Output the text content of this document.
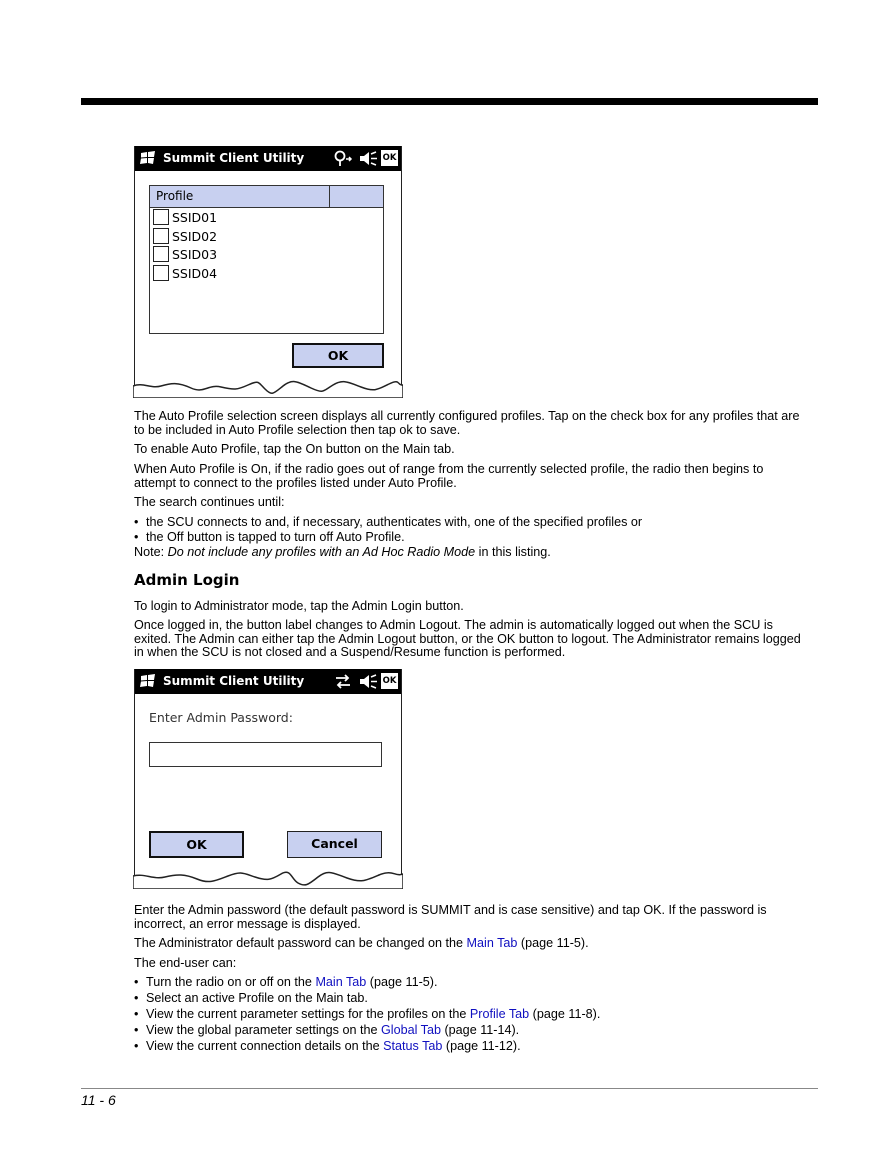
Summit Client Utility	OK
Profile
SSID01
SSID02
SSID03
SSID04
OK

The Auto Profile selection screen displays all currently configured profiles. Tap on the check box for any profiles that are to be included in Auto Profile selection then tap ok to save.

To enable Auto Profile, tap the On button on the Main tab.

When Auto Profile is On, if the radio goes out of range from the currently selected profile, the radio then begins to attempt to connect to the profiles listed under Auto Profile.

The search continues until:

• the SCU connects to and, if necessary, authenticates with, one of the specified profiles or
• the Off button is tapped to turn off Auto Profile.

Note: Do not include any profiles with an Ad Hoc Radio Mode in this listing.

Admin Login

To login to Administrator mode, tap the Admin Login button.

Once logged in, the button label changes to Admin Logout. The admin is automatically logged out when the SCU is exited. The Admin can either tap the Admin Logout button, or the OK button to logout. The Administrator remains logged in when the SCU is not closed and a Suspend/Resume function is performed.

Summit Client Utility	OK
Enter Admin Password:
OK	Cancel

Enter the Admin password (the default password is SUMMIT and is case sensitive) and tap OK. If the password is incorrect, an error message is displayed.

The Administrator default password can be changed on the Main Tab (page 11-5).

The end-user can:

• Turn the radio on or off on the Main Tab (page 11-5).
• Select an active Profile on the Main tab.
• View the current parameter settings for the profiles on the Profile Tab (page 11-8).
• View the global parameter settings on the Global Tab (page 11-14).
• View the current connection details on the Status Tab (page 11-12).
11 - 6
